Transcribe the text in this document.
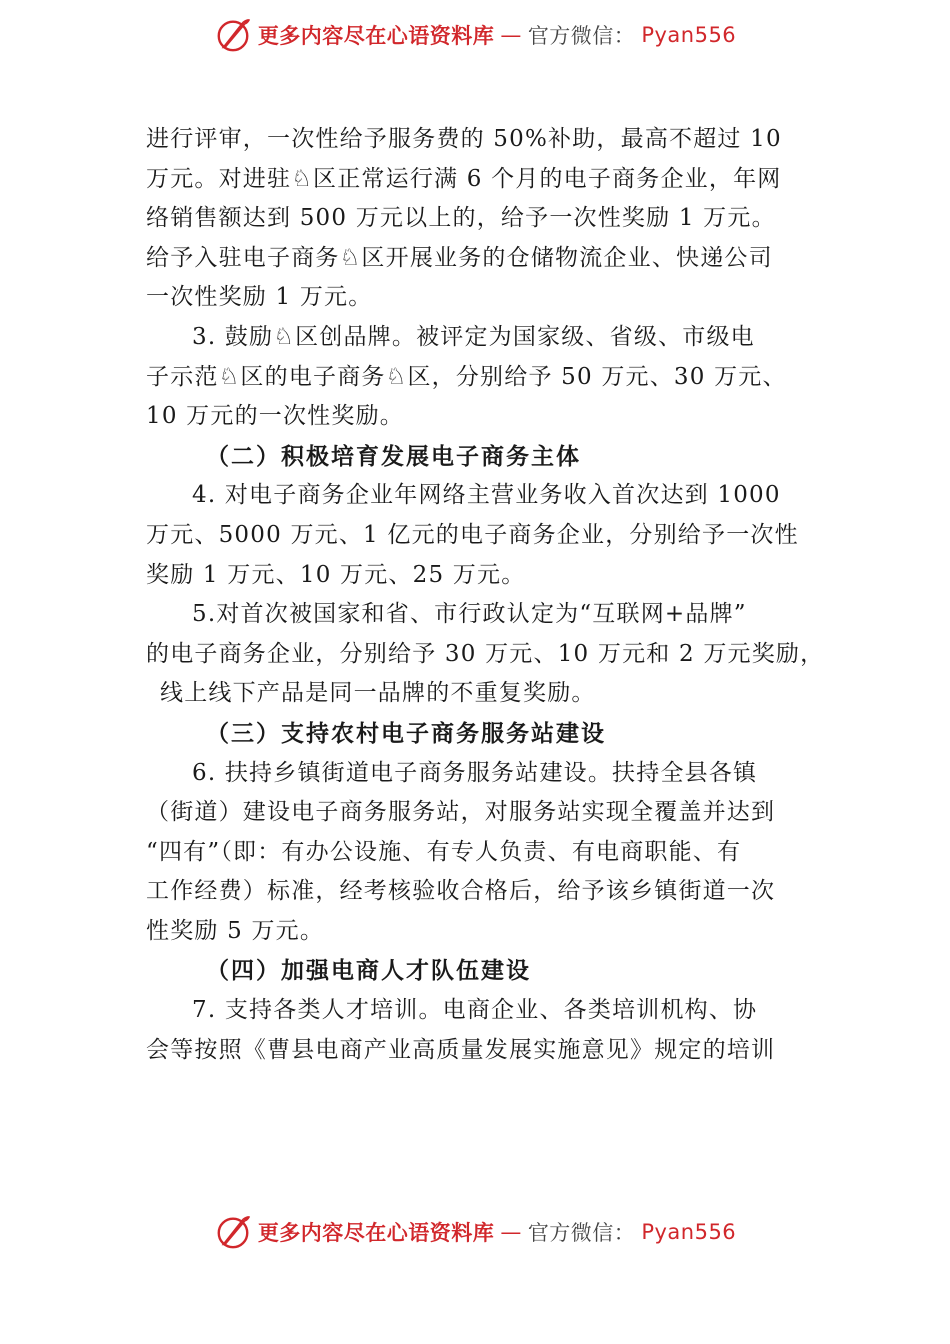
更多内容尽在心语资料库 — 官方微信： Pyan556
进行评审，一次性给予服务费的 50%补助，最高不超过 10
万元。对进驻♘区正常运行满 6 个月的电子商务企业，年网
络销售额达到 500 万元以上的，给予一次性奖励 1 万元。
给予入驻电子商务♘区开展业务的仓储物流企业、快递公司
一次性奖励 1 万元。
3. 鼓励♘区创品牌。被评定为国家级、省级、市级电
子示范♘区的电子商务♘区，分别给予 50 万元、30 万元、
10 万元的一次性奖励。
（二）积极培育发展电子商务主体
4. 对电子商务企业年网络主营业务收入首次达到 1000
万元、5000 万元、1 亿元的电子商务企业，分别给予一次性
奖励 1 万元、10 万元、25 万元。
5.对首次被国家和省、市行政认定为“互联网+品牌”
的电子商务企业，分别给予 30 万元、10 万元和 2 万元奖励，
线上线下产品是同一品牌的不重复奖励。
（三）支持农村电子商务服务站建设
6. 扶持乡镇街道电子商务服务站建设。扶持全县各镇
（街道）建设电子商务服务站，对服务站实现全覆盖并达到
“四有”（即：有办公设施、有专人负责、有电商职能、有
工作经费）标准，经考核验收合格后，给予该乡镇街道一次
性奖励 5 万元。
（四）加强电商人才队伍建设
7. 支持各类人才培训。电商企业、各类培训机构、协
会等按照《曹县电商产业高质量发展实施意见》规定的培训
更多内容尽在心语资料库 — 官方微信： Pyan556
